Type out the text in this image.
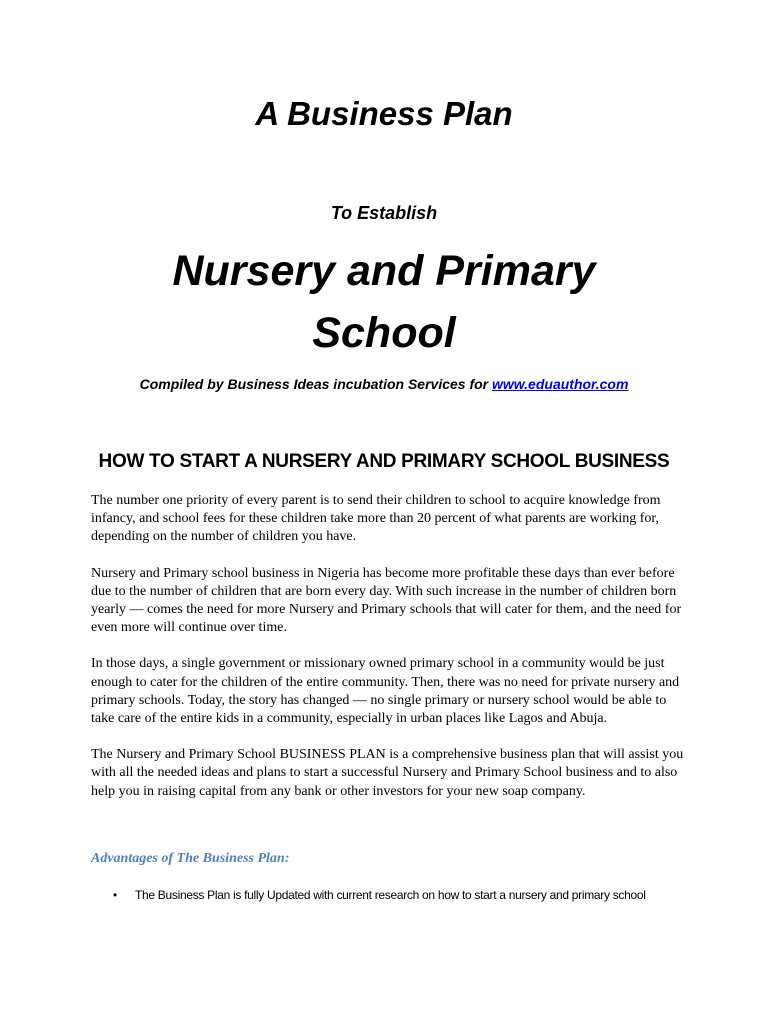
A Business Plan
To Establish
Nursery and Primary School
Compiled by Business Ideas incubation Services for www.eduauthor.com
HOW TO START A NURSERY AND PRIMARY SCHOOL BUSINESS

The number one priority of every parent is to send their children to school to acquire knowledge from infancy, and school fees for these children take more than 20 percent of what parents are working for, depending on the number of children you have.

Nursery and Primary school business in Nigeria has become more profitable these days than ever before due to the number of children that are born every day. With such increase in the number of children born yearly — comes the need for more Nursery and Primary schools that will cater for them, and the need for even more will continue over time.

In those days, a single government or missionary owned primary school in a community would be just enough to cater for the children of the entire community. Then, there was no need for private nursery and primary schools. Today, the story has changed — no single primary or nursery school would be able to take care of the entire kids in a community, especially in urban places like Lagos and Abuja.

The Nursery and Primary School BUSINESS PLAN is a comprehensive business plan that will assist you with all the needed ideas and plans to start a successful Nursery and Primary School business and to also help you in raising capital from any bank or other investors for your new soap company.

Advantages of The Business Plan:
• The Business Plan is fully Updated with current research on how to start a nursery and primary school
